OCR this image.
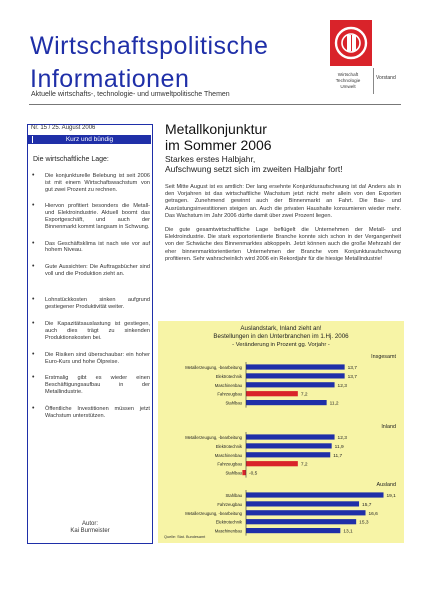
Wirtschaftspolitische
Informationen
Aktuelle wirtschafts-, technologie- und umweltpolitische Themen
Wirtschaft
Technologie
Umwelt
Vorstand
Nr. 15 / 25. August 2006
Kurz und bündig
Die wirtschaftliche Lage:
• Die konjunkturelle Belebung ist seit 2006 ist mit einem Wirtschaftswachstum von gut zwei Prozent zu rechnen.
• Hiervon profitiert besonders die Metall- und Elektroindustrie. Aktuell boomt das Exportgeschäft, und auch der Binnenmarkt kommt langsam in Schwung.
• Das Geschäftsklima ist nach wie vor auf hohem Niveau.
• Gute Aussichten: Die Auftragsbücher sind voll und die Produktion zieht an.
• Lohnstückkosten sinken aufgrund gestiegener Produktivität weiter.
• Die Kapazitätsauslastung ist gestiegen, auch dies trägt zu sinkenden Produktionskosten bei.
• Die Risiken sind überschaubar: ein hoher Euro-Kurs und hohe Ölpreise.
• Erstmalig gibt es wieder einen Beschäftigungsaufbau in der Metallindustrie.
• Öffentliche Investitionen müssen jetzt Wachstum unterstützen.
Autor:
Kai Burmeister
Metallkonjunktur
im Sommer 2006
Starkes erstes Halbjahr,
Aufschwung setzt sich im zweiten Halbjahr fort!

Seit Mitte August ist es amtlich: Der lang ersehnte Konjunkturaufschwung ist da! Anders als in den Vorjahren ist das wirtschaftliche Wachstum jetzt nicht mehr allein von den Exporten getragen. Zunehmend gewinnt auch der Binnenmarkt an Fahrt. Die Bau- und Ausrüstungsinvestitionen steigen an. Auch die privaten Haushalte konsumieren wieder mehr. Das Wachstum im Jahr 2006 dürfte damit über zwei Prozent liegen.

Die gute gesamtwirtschaftliche Lage beflügelt die Unternehmen der Metall- und Elektroindustrie. Die stark exportorientierte Branche konnte sich schon in der Vergangenheit von der Schwäche des Binnenmarktes abkoppeln. Jetzt können auch die große Mehrzahl der eher binnenmarktorientierten Unternehmen der Branche vom Konjunkturaufschwung profitieren. Sehr wahrscheinlich wird 2006 ein Rekordjahr für die hiesige Metallindustrie!

Auslandstark, Inland zieht an!
Bestellungen in den Unterbranchen im 1.Hj. 2006
- Veränderung in Prozent gg. Vorjahr -
Insgesamt
Metallerzeugung, -bearbeitung	13,7
Elektrotechnik	13,7
Maschinenbau	12,3
Fahrzeugbau	7,2
Stahlbau	11,2
Inland
Metallerzeugung, -bearbeitung	12,3
Elektrotechnik	11,9
Maschinenbau	11,7
Fahrzeugbau	7,2
Stahlbau -0,5
Ausland
Stahlbau	19,1
Fahrzeugbau	15,7
Metallerzeugung, -bearbeitung	16,6
Elektrotechnik	15,3
Maschinenbau	13,1
Quelle: Stat. Bundesamt
